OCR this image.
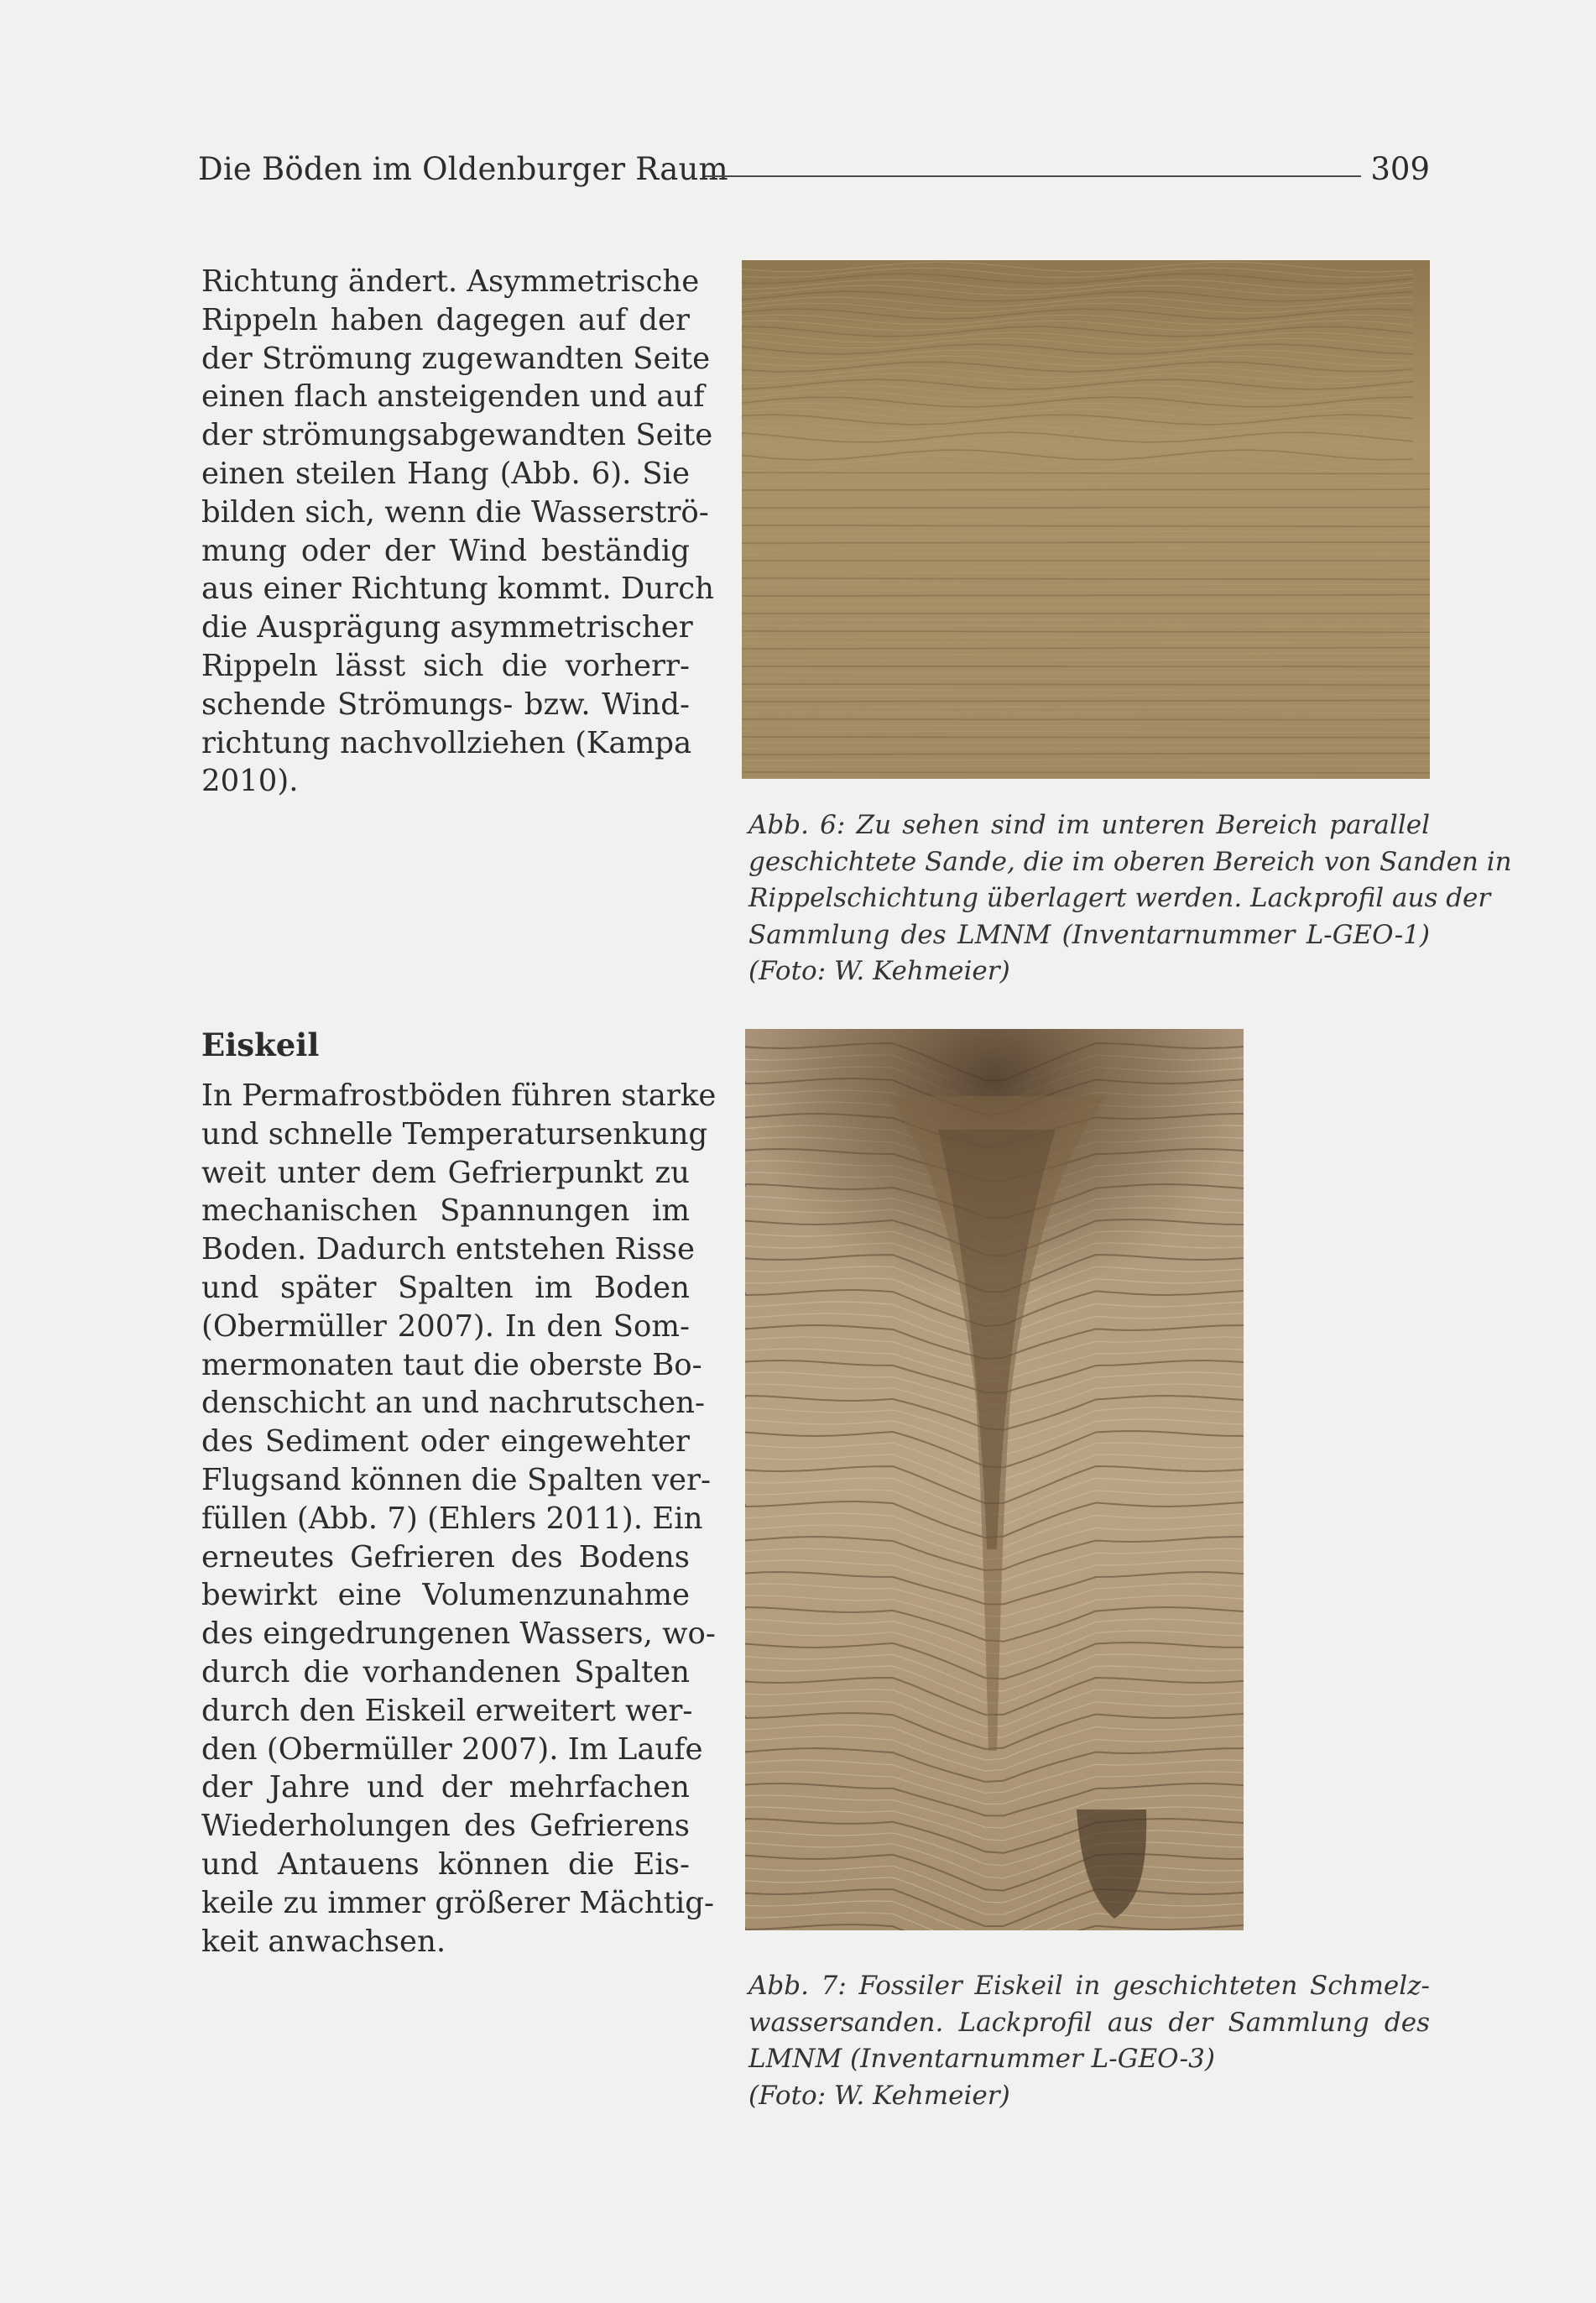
Die Böden im Oldenburger Raum	309
Richtung ändert. Asymmetrische
Rippeln haben dagegen auf der
der Strömung zugewandten Seite
einen flach ansteigenden und auf
der strömungsabgewandten Seite
einen steilen Hang (Abb. 6). Sie
bilden sich, wenn die Wasserströ-
mung oder der Wind beständig
aus einer Richtung kommt. Durch
die Ausprägung asymmetrischer
Rippeln lässt sich die vorherr-
schende Strömungs- bzw. Wind-
richtung nachvollziehen (Kampa
2010).
Abb. 6: Zu sehen sind im unteren Bereich parallel
geschichtete Sande, die im oberen Bereich von Sanden in
Rippelschichtung überlagert werden. Lackprofil aus der
Sammlung des LMNM (Inventarnummer L-GEO-1)
(Foto: W. Kehmeier)
Eiskeil
In Permafrostböden führen starke
und schnelle Temperatursenkung
weit unter dem Gefrierpunkt zu
mechanischen Spannungen im
Boden. Dadurch entstehen Risse
und später Spalten im Boden
(Obermüller 2007). In den Som-
mermonaten taut die oberste Bo-
denschicht an und nachrutschen-
des Sediment oder eingewehter
Flugsand können die Spalten ver-
füllen (Abb. 7) (Ehlers 2011). Ein
erneutes Gefrieren des Bodens
bewirkt eine Volumenzunahme
des eingedrungenen Wassers, wo-
durch die vorhandenen Spalten
durch den Eiskeil erweitert wer-
den (Obermüller 2007). Im Laufe
der Jahre und der mehrfachen
Wiederholungen des Gefrierens
und Antauens können die Eis-
keile zu immer größerer Mächtig-
keit anwachsen.
Abb. 7: Fossiler Eiskeil in geschichteten Schmelz-
wassersanden. Lackprofil aus der Sammlung des
LMNM (Inventarnummer L-GEO-3)
(Foto: W. Kehmeier)
